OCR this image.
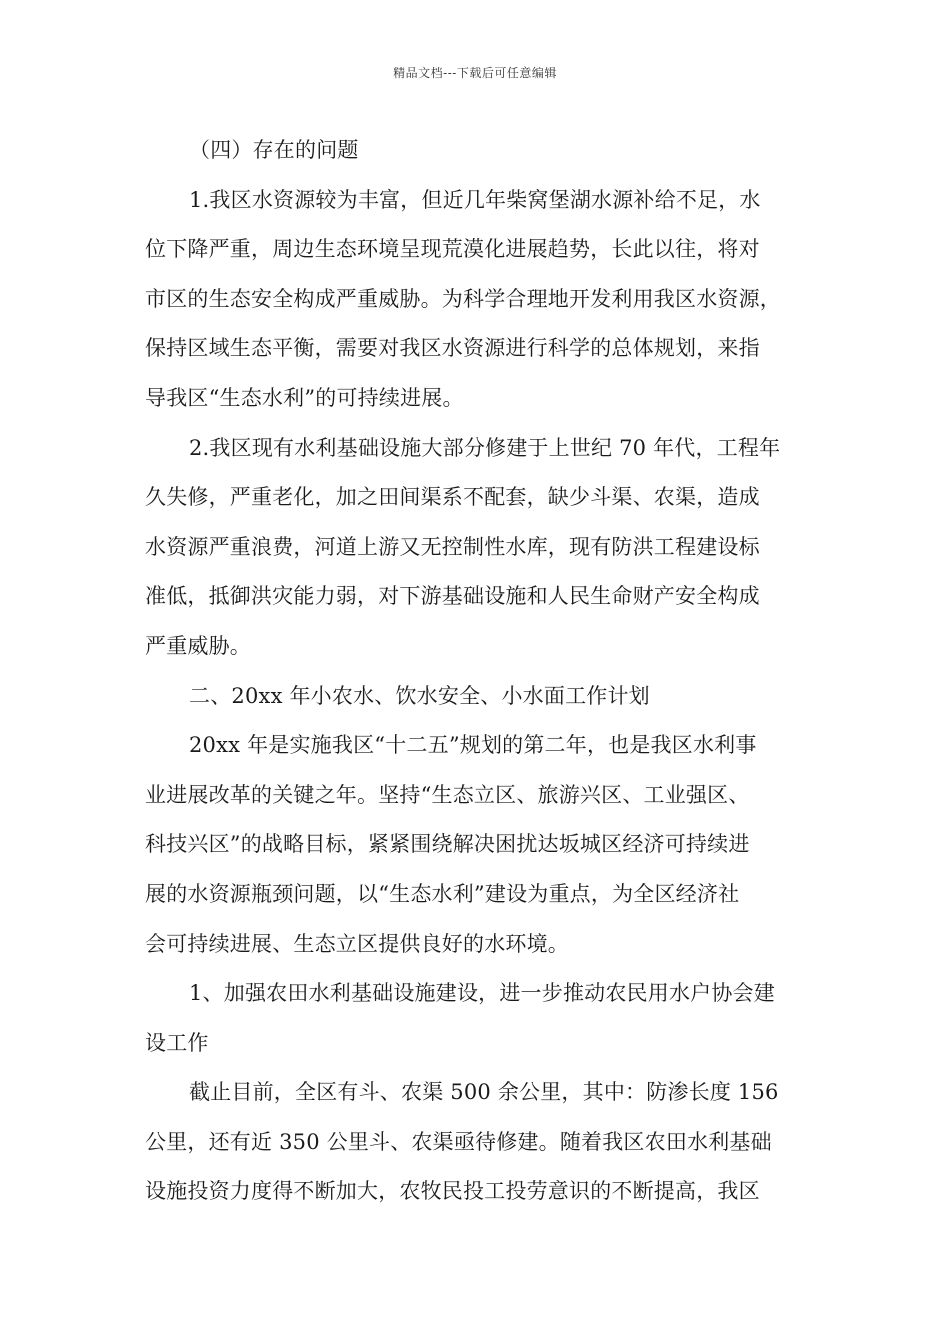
精品文档---下载后可任意编辑
（四）存在的问题
1.我区水资源较为丰富，但近几年柴窝堡湖水源补给不足，水
位下降严重，周边生态环境呈现荒漠化进展趋势，长此以往，将对
市区的生态安全构成严重威胁。为科学合理地开发利用我区水资源，
保持区域生态平衡，需要对我区水资源进行科学的总体规划，来指
导我区“生态水利”的可持续进展。
2.我区现有水利基础设施大部分修建于上世纪 70 年代，工程年
久失修，严重老化，加之田间渠系不配套，缺少斗渠、农渠，造成
水资源严重浪费，河道上游又无控制性水库，现有防洪工程建设标
准低，抵御洪灾能力弱，对下游基础设施和人民生命财产安全构成
严重威胁。
二、20xx 年小农水、饮水安全、小水面工作计划
20xx 年是实施我区“十二五”规划的第二年，也是我区水利事
业进展改革的关键之年。坚持“生态立区、旅游兴区、工业强区、
科技兴区”的战略目标，紧紧围绕解决困扰达坂城区经济可持续进
展的水资源瓶颈问题，以“生态水利”建设为重点，为全区经济社
会可持续进展、生态立区提供良好的水环境。
1、加强农田水利基础设施建设，进一步推动农民用水户协会建
设工作
截止目前，全区有斗、农渠 500 余公里，其中：防渗长度 156
公里，还有近 350 公里斗、农渠亟待修建。随着我区农田水利基础
设施投资力度得不断加大，农牧民投工投劳意识的不断提高，我区
